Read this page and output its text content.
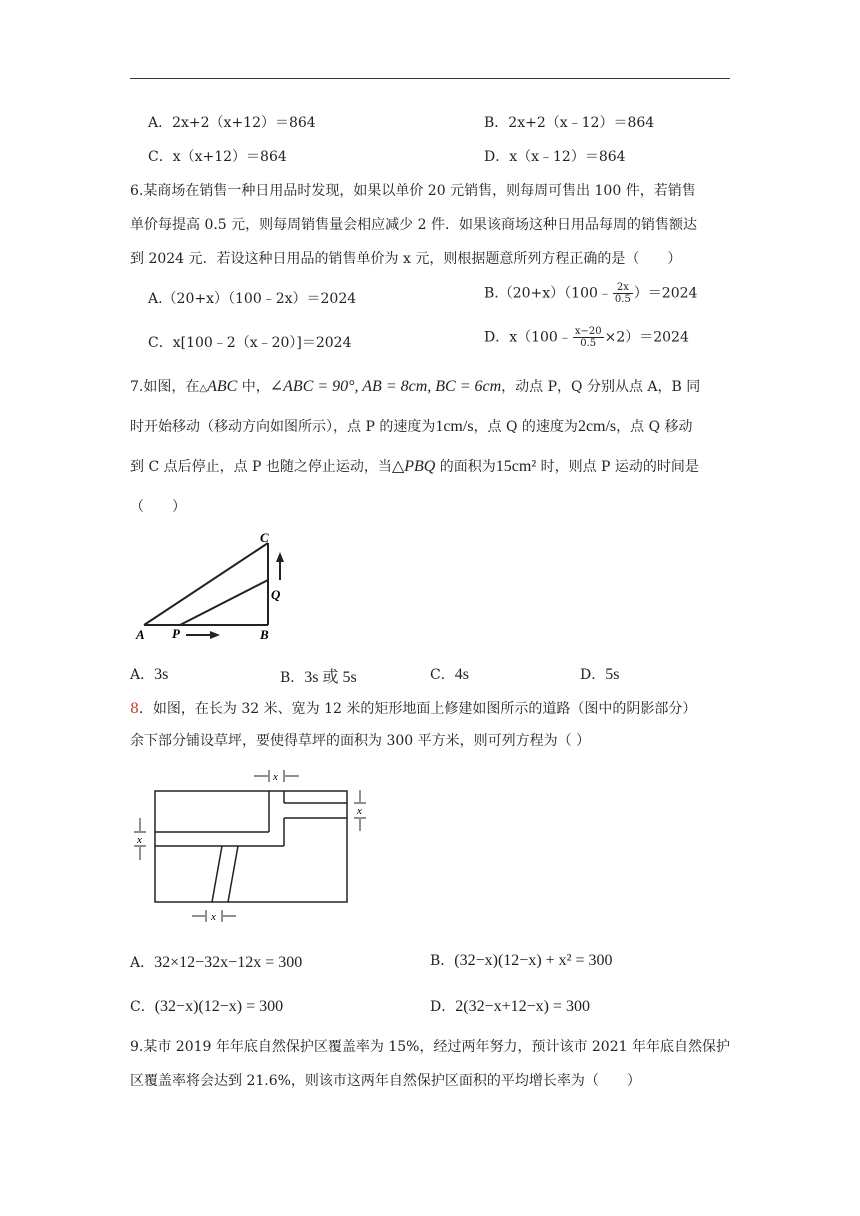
A．2x+2（x+12）＝864	B．2x+2（x﹣12）＝864
C．x（x+12）＝864	D．x（x﹣12）＝864
6.某商场在销售一种日用品时发现，如果以单价 20 元销售，则每周可售出 100 件，若销售
单价每提高 0.5 元，则每周销售量会相应减少 2 件．如果该商场这种日用品每周的销售额达
到 2024 元．若设这种日用品的销售单价为 x 元，则根据题意所列方程正确的是（　　）
A.（20+x）（100﹣2x）＝2024	B.（20+x）（100﹣ $\frac{2x}{0.5} )=2024$
C．x[100﹣2（x﹣20）]＝2024	D．x（100﹣ $\frac{x-20}{0.5} \times 2)=2024$
7.如图，在△ABC 中，∠ABC = 90°, AB = 8cm, BC = 6cm，动点 P，Q 分别从点 A，B 同
时开始移动（移动方向如图所示），点 P 的速度为1cm/s，点 Q 的速度为2cm/s，点 Q 移动
到 C 点后停止，点 P 也随之停止运动，当△PBQ 的面积为15cm² 时，则点 P 运动的时间是
（　　）
C
Q
A P	B
A．3s	B．3s 或 5s	C．4s	D．5s
8．如图，在长为 32 米、宽为 12 米的矩形地面上修建如图所示的道路（图中的阴影部分）
余下部分铺设草坪，要使得草坪的面积为 300 平方米，则可列方程为（ ）
x
x
x
x
A．32×12−32x−12x = 300	B．(32−x)(12−x) + x² = 300
C．(32−x)(12−x) = 300	D．2(32−x+12−x) = 300
9.某市 2019 年年底自然保护区覆盖率为 15%，经过两年努力，预计该市 2021 年年底自然保护
区覆盖率将会达到 21.6%，则该市这两年自然保护区面积的平均增长率为（　　）
